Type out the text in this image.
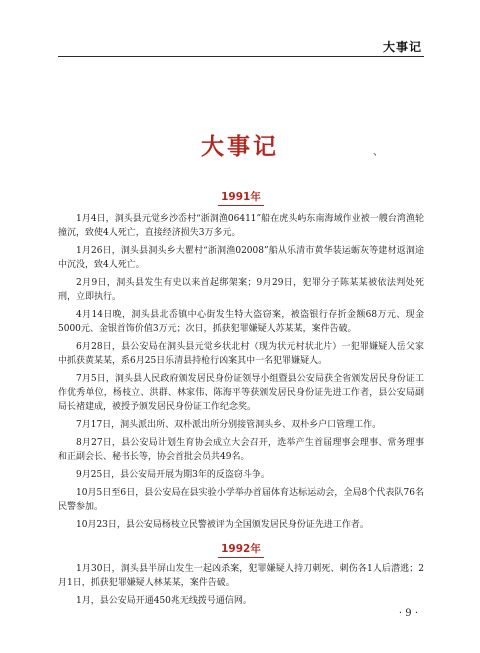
大事记
大事记	、
1991年

1月4日，洞头县元觉乡沙岙村“浙洞渔06411”船在虎头屿东南海域作业被一艘台湾渔轮撞沉，致使4人死亡，直接经济损失3万多元。

1月26日，洞头县洞头乡大瞿村“浙洞渔02008”船从乐清市黄华装运蛎灰等建材返洞途中沉没，致4人死亡。

2月9日，洞头县发生有史以来首起绑架案；9月29日，犯罪分子陈某某被依法判处死刑，立即执行。

4月14日晚，洞头县北岙镇中心街发生特大盗窃案，被盗银行存折金额68万元、现金5000元、金银首饰价值3万元；次日，抓获犯罪嫌疑人苏某某，案件告破。

6月28日，县公安局在洞头县元觉乡状北村（现为状元村状北片）一犯罪嫌疑人岳父家中抓获黄某某，系6月25日乐清县持枪行凶案其中一名犯罪嫌疑人。

7月5日，洞头县人民政府颁发居民身份证领导小组暨县公安局获全省颁发居民身份证工作优秀单位，杨枝立、洪群、林家伟、陈海平等获颁发居民身份证先进工作者，县公安局副局长褚建成，被授予颁发居民身份证工作纪念奖。

7月17日，洞头派出所、双朴派出所分别接管洞头乡、双朴乡户口管理工作。

8月27日，县公安局计划生育协会成立大会召开，选举产生首届理事会理事、常务理事和正副会长、秘书长等，协会首批会员共49名。

9月25日，县公安局开展为期3年的反盗窃斗争。

10月5日至6日，县公安局在县实验小学举办首届体育达标运动会，全局8个代表队76名民警参加。

10月23日，县公安局杨枝立民警被评为全国颁发居民身份证先进工作者。

1992年

1月30日，洞头县半屏山发生一起凶杀案，犯罪嫌疑人持刀刺死、刺伤各1人后潜逃；2月1日，抓获犯罪嫌疑人林某某，案件告破。

1月，县公安局开通450兆无线拨号通信网。

· 9 ·
